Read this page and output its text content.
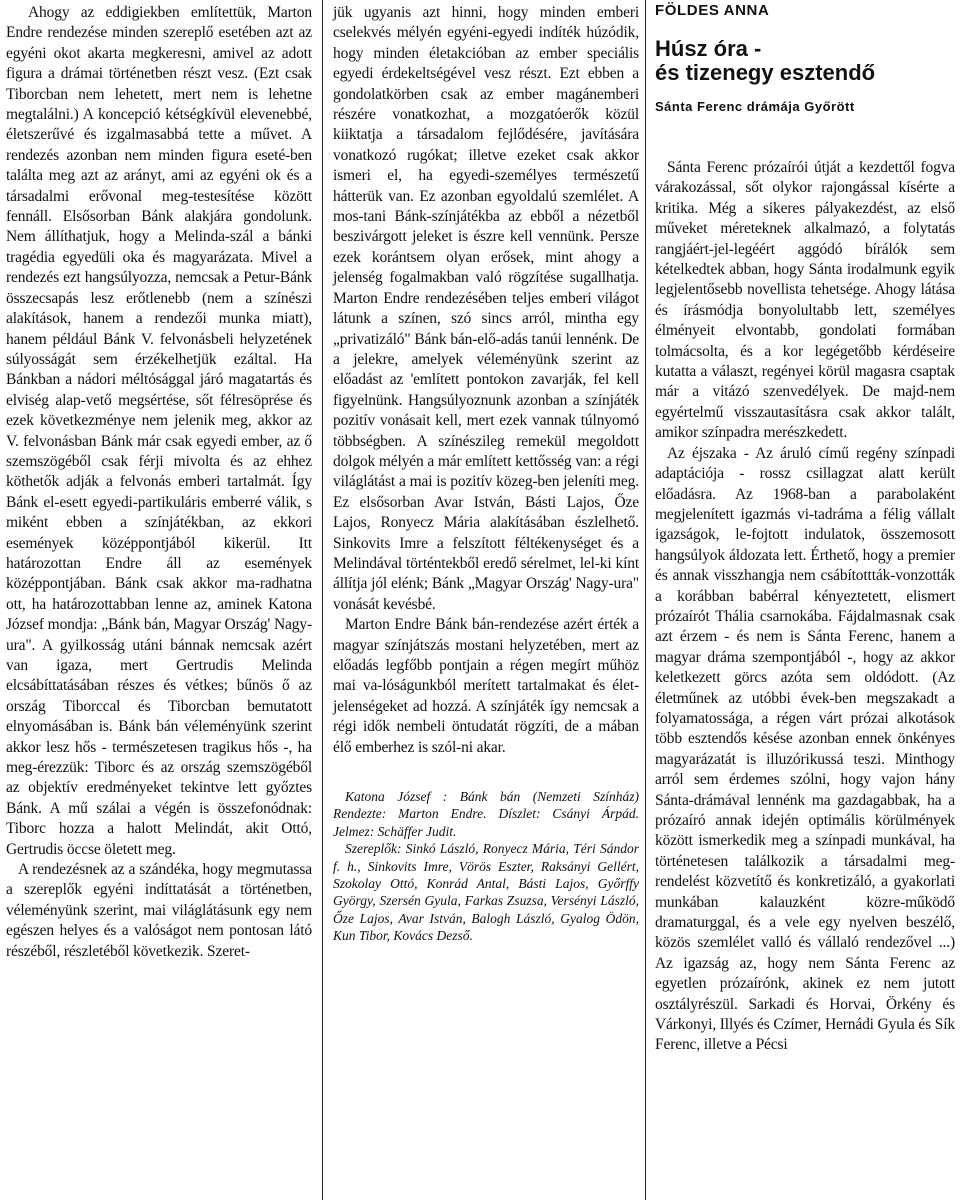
Ahogy az eddigiekben említettük, Marton Endre rendezése minden szereplő esetében azt az egyéni okot akarta megkeresni, amivel az adott figura a drámai történetben részt vesz. (Ezt csak Tiborcban nem lehetett, mert nem is lehetne megtalálni.) A koncepció kétségkívül elevenebbé, életszerűvé és izgalmasabbá tette a művet. A rendezés azonban nem minden figura eseté-ben találta meg azt az arányt, ami az egyéni ok és a társadalmi erővonal meg-testesítése között fennáll. Elsősorban Bánk alakjára gondolunk. Nem állíthatjuk, hogy a Melinda-szál a bánki tragédia egyedüli oka és magyarázata. Mivel a rendezés ezt hangsúlyozza, nemcsak a Petur-Bánk összecsapás lesz erőtlenebb (nem a színészi alakítások, hanem a rendezői munka miatt), hanem például Bánk V. felvonásbeli helyzetének súlyosságát sem érzékelhetjük ezáltal. Ha Bánkban a nádori méltósággal járó magatartás és elviség alap-vető megsértése, sőt félresöprése és ezek következménye nem jelenik meg, akkor az V. felvonásban Bánk már csak egyedi ember, az ő szemszögéből csak férji mivolta és az ehhez köthetők adják a felvonás emberi tartalmát. Így Bánk el-esett egyedi-partikuláris emberré válik, s miként ebben a színjátékban, az ekkori események középpontjából kikerül. Itt határozottan Endre áll az események középpontjában. Bánk csak akkor ma-radhatna ott, ha határozottabban lenne az, aminek Katona József mondja: „Bánk bán, Magyar Ország' Nagy-ura". A gyilkosság utáni bánnak nemcsak azért van igaza, mert Gertrudis Melinda elcsábíttatásában részes és vétkes; bűnös ő az ország Tiborccal és Tiborcban bemutatott elnyomásában is. Bánk bán véleményünk szerint akkor lesz hős - természetesen tragikus hős -, ha meg-érezzük: Tiborc és az ország szemszögéből az objektív eredményeket tekintve lett győztes Bánk. A mű szálai a végén is összefonódnak: Tiborc hozza a halott Melindát, akit Ottó, Gertrudis öccse öletett meg.

A rendezésnek az a szándéka, hogy megmutassa a szereplők egyéni indíttatását a történetben, véleményünk szerint, mai világlátásunk egy nem egészen helyes és a valóságot nem pontosan látó részéből, részletéből következik. Szeret-

jük ugyanis azt hinni, hogy minden emberi cselekvés mélyén egyéni-egyedi indíték húzódik, hogy minden életakcióban az ember speciális egyedi érdekeltségével vesz részt. Ezt ebben a gondolatkörben csak az ember magánemberi részére vonatkozhat, a mozgatóerők közül kiiktatja a társadalom fejlődésére, javítására vonatkozó rugókat; illetve ezeket csak akkor ismeri el, ha egyedi-személyes természetű hátterük van. Ez azonban egyoldalú szemlélet. A mos-tani Bánk-színjátékba az ebből a nézetből beszivárgott jeleket is észre kell vennünk. Persze ezek korántsem olyan erősek, mint ahogy a jelenség fogalmakban való rögzítése sugallhatja. Marton Endre rendezésében teljes emberi világot látunk a színen, szó sincs arról, mintha egy „privatizáló" Bánk bán-elő-adás tanúi lennénk. De a jelekre, amelyek véleményünk szerint az előadást az 'említett pontokon zavarják, fel kell figyelnünk. Hangsúlyoznunk azonban a színjáték pozitív vonásait kell, mert ezek vannak túlnyomó többségben. A színészileg remekül megoldott dolgok mélyén a már említett kettősség van: a régi világlátást a mai is pozitív közeg-ben jeleníti meg. Ez elsősorban Avar István, Básti Lajos, Őze Lajos, Ronyecz Mária alakításában észlelhető. Sinkovits Imre a felszított féltékenységet és a Melindával történtekből eredő sérelmet, lel-ki kínt állítja jól elénk; Bánk „Magyar Ország' Nagy-ura" vonását kevésbé.

Marton Endre Bánk bán-rendezése azért érték a magyar színjátszás mostani helyzetében, mert az előadás legfőbb pontjain a régen megírt műhöz mai va-lóságunkból merített tartalmakat és élet-jelenségeket ad hozzá. A színjáték így nemcsak a régi idők nembeli öntudatát rögzíti, de a mában élő emberhez is szól-ni akar.

Katona József : Bánk bán (Nemzeti Színház) Rendezte: Marton Endre. Díszlet: Csányi Árpád. Jelmez: Schäffer Judit.

Szereplők: Sinkó László, Ronyecz Mária, Téri Sándor f. h., Sinkovits Imre, Vörös Eszter, Raksányi Gellért, Szokolay Ottó, Konrád Antal, Básti Lajos, Győrffy György, Szersén Gyula, Farkas Zsuzsa, Versényi László, Őze Lajos, Avar István, Balogh László, Gyalog Ödön, Kun Tibor, Kovács Dezső.

FÖLDES ANNA
Húsz óra -
és tizenegy esztendő
Sánta Ferenc drámája Győrött

Sánta Ferenc prózaírói útját a kezdettől fogva várakozással, sőt olykor rajongással kísérte a kritika. Még a sikeres pályakezdést, az első műveket méreteknek alkalmazó, a folytatás rangjáért-jel-legéért aggódó bírálók sem kételkedtek abban, hogy Sánta irodalmunk egyik legjelentősebb novellista tehetsége. Ahogy látása és írásmódja bonyolultabb lett, személyes élményeit elvontabb, gondolati formában tolmácsolta, és a kor legégetőbb kérdéseire kutatta a választ, regényei körül magasra csaptak már a vitázó szenvedélyek. De majd-nem egyértelmű visszautasításra csak akkor talált, amikor színpadra merészkedett.

Az éjszaka - Az áruló című regény színpadi adaptációja - rossz csillagzat alatt került előadásra. Az 1968-ban a parabolaként megjelenített igazmás vi-tadráma a félig vállalt igazságok, le-fojtott indulatok, összemosott hangsúlyok áldozata lett. Érthető, hogy a premier és annak visszhangja nem csábítottták-vonzották a korábban babérral kényeztetett, elismert prózaírót Thália csarnokába. Fájdalmasnak csak azt érzem - és nem is Sánta Ferenc, hanem a magyar dráma szempontjából -, hogy az akkor keletkezett görcs azóta sem oldódott. (Az életműnek az utóbbi évek-ben megszakadt a folyamatossága, a régen várt prózai alkotások több esztendős késése azonban ennek önkényes magyarázatát is illuzórikussá teszi. Minthogy arról sem érdemes szólni, hogy vajon hány Sánta-drámával lennénk ma gazdagabbak, ha a prózaíró annak idején optimális körülmények között ismerkedik meg a színpadi munkával, ha történetesen találkozik a társadalmi meg-rendelést közvetítő és konkretizáló, a gyakorlati munkában kalauzként közre-működő dramaturggal, és a vele egy nyelven beszélő, közös szemlélet valló és vállaló rendezővel ...) Az igazság az, hogy nem Sánta Ferenc az egyetlen prózaírónk, akinek ez nem jutott osztályrészül. Sarkadi és Horvai, Örkény és Várkonyi, Illyés és Czímer, Hernádi Gyula és Sík Ferenc, illetve a Pécsi
